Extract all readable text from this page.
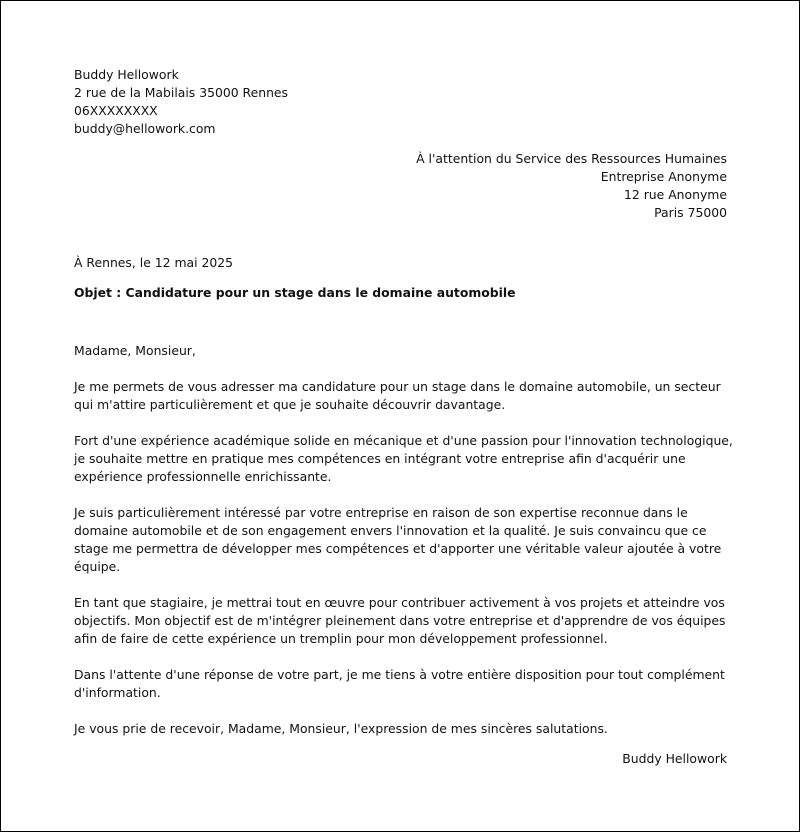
Buddy Hellowork
2 rue de la Mabilais 35000 Rennes
06XXXXXXXX
buddy@hellowork.com
À l'attention du Service des Ressources Humaines
Entreprise Anonyme
12 rue Anonyme
Paris 75000
À Rennes, le 12 mai 2025
Objet : Candidature pour un stage dans le domaine automobile

Madame, Monsieur,

Je me permets de vous adresser ma candidature pour un stage dans le domaine automobile, un secteur qui m'attire particulièrement et que je souhaite découvrir davantage.

Fort d'une expérience académique solide en mécanique et d'une passion pour l'innovation technologique, je souhaite mettre en pratique mes compétences en intégrant votre entreprise afin d'acquérir une expérience professionnelle enrichissante.

Je suis particulièrement intéressé par votre entreprise en raison de son expertise reconnue dans le domaine automobile et de son engagement envers l'innovation et la qualité. Je suis convaincu que ce stage me permettra de développer mes compétences et d'apporter une véritable valeur ajoutée à votre équipe.

En tant que stagiaire, je mettrai tout en œuvre pour contribuer activement à vos projets et atteindre vos objectifs. Mon objectif est de m'intégrer pleinement dans votre entreprise et d'apprendre de vos équipes afin de faire de cette expérience un tremplin pour mon développement professionnel.

Dans l'attente d'une réponse de votre part, je me tiens à votre entière disposition pour tout complément d'information.

Je vous prie de recevoir, Madame, Monsieur, l'expression de mes sincères salutations.

Buddy Hellowork
